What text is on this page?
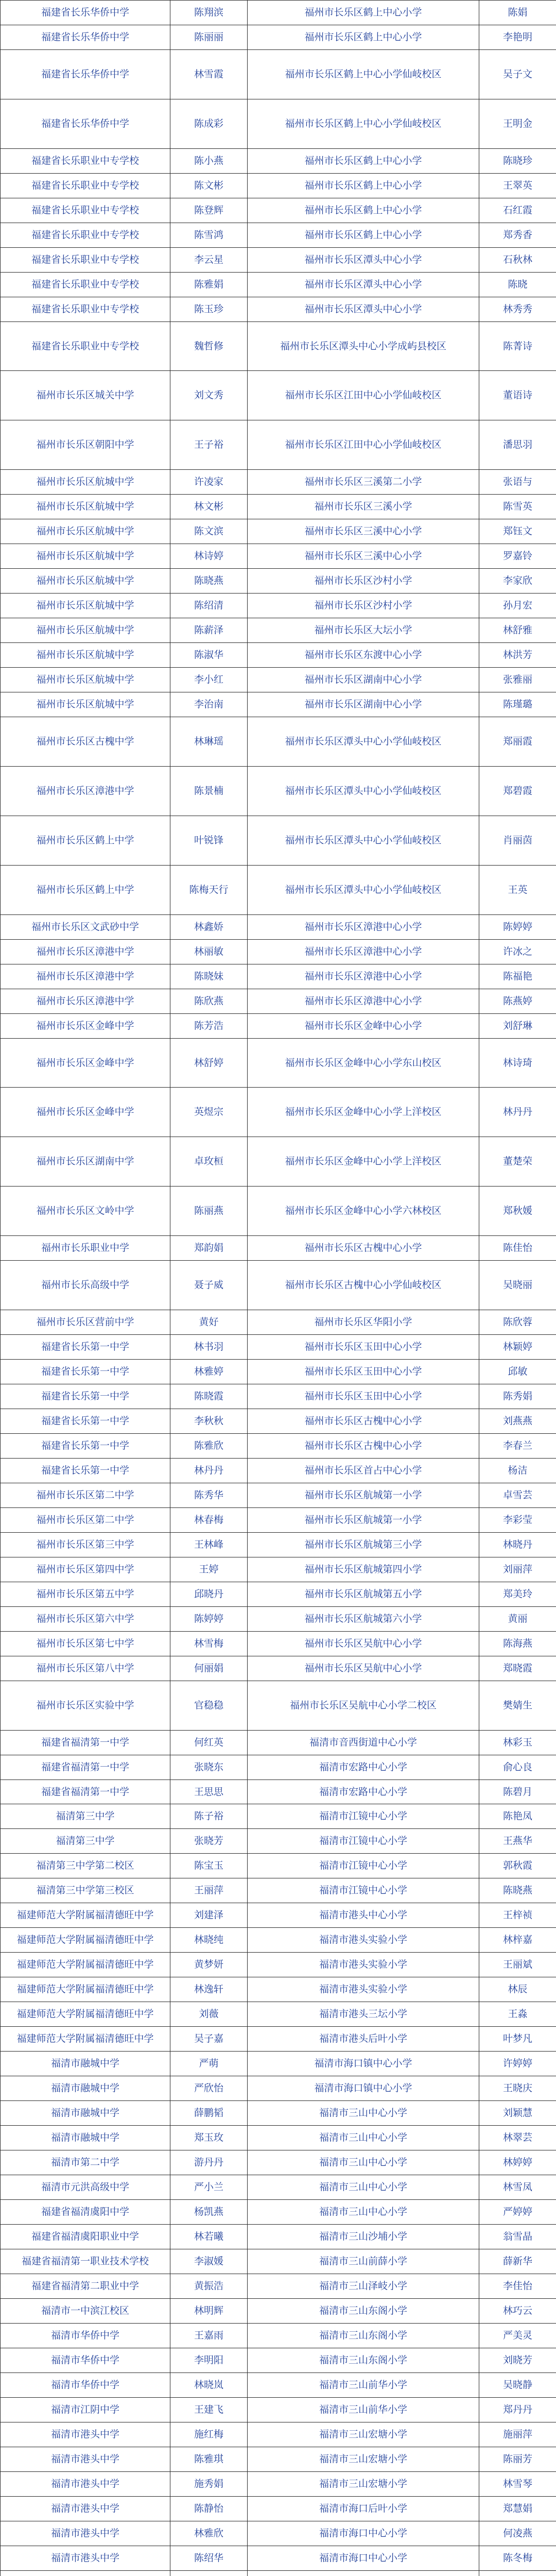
福建省长乐华侨中学	陈翔滨	福州市长乐区鹤上中心小学	陈娟
福建省长乐华侨中学	陈丽丽	福州市长乐区鹤上中心小学	李艳明
福建省长乐华侨中学	林雪霞	福州市长乐区鹤上中心小学仙岐校区	吴子文
福建省长乐华侨中学	陈成彩	福州市长乐区鹤上中心小学仙岐校区	王明金
福建省长乐职业中专学校	陈小燕	福州市长乐区鹤上中心小学	陈晓珍
福建省长乐职业中专学校	陈文彬	福州市长乐区鹤上中心小学	王翠英
福建省长乐职业中专学校	陈登辉	福州市长乐区鹤上中心小学	石红霞
福建省长乐职业中专学校	陈雪鸿	福州市长乐区鹤上中心小学	郑秀香
福建省长乐职业中专学校	李云星	福州市长乐区潭头中心小学	石秋林
福建省长乐职业中专学校	陈雅娟	福州市长乐区潭头中心小学	陈晓
福建省长乐职业中专学校	陈玉珍	福州市长乐区潭头中心小学	林秀秀
福建省长乐职业中专学校	魏哲修	福州市长乐区潭头中心小学成屿县校区	陈菁诗
福州市长乐区城关中学	刘文秀	福州市长乐区江田中心小学仙岐校区	董语诗
福州市长乐区朝阳中学	王子裕	福州市长乐区江田中心小学仙岐校区	潘思羽
福州市长乐区航城中学	许凌家	福州市长乐区三溪第二小学	张语与
福州市长乐区航城中学	林文彬	福州市长乐区三溪小学	陈雪英
福州市长乐区航城中学	陈文滨	福州市长乐区三溪中心小学	郑钰文
福州市长乐区航城中学	林诗婷	福州市长乐区三溪中心小学	罗嘉铃
福州市长乐区航城中学	陈晓燕	福州市长乐区沙村小学	李家欣
福州市长乐区航城中学	陈绍清	福州市长乐区沙村小学	孙月宏
福州市长乐区航城中学	陈薪泽	福州市长乐区大坛小学	林舒雅
福州市长乐区航城中学	陈淑华	福州市长乐区东渡中心小学	林洪芳
福州市长乐区航城中学	李小红	福州市长乐区湖南中心小学	张雅丽
福州市长乐区航城中学	李治南	福州市长乐区湖南中心小学	陈瑾璐
福州市长乐区古槐中学	林琳瑶	福州市长乐区潭头中心小学仙岐校区	郑丽霞
福州市长乐区漳港中学	陈景楠	福州市长乐区潭头中心小学仙岐校区	郑碧霞
福州市长乐区鹤上中学	叶锐锋	福州市长乐区潭头中心小学仙岐校区	肖丽茵
福州市长乐区鹤上中学	陈梅天行	福州市长乐区潭头中心小学仙岐校区	王英
福州市长乐区文武砂中学	林鑫娇	福州市长乐区漳港中心小学	陈婷婷
福州市长乐区漳港中学	林丽敏	福州市长乐区漳港中心小学	许冰之
福州市长乐区漳港中学	陈晓妹	福州市长乐区漳港中心小学	陈福艳
福州市长乐区漳港中学	陈欣燕	福州市长乐区漳港中心小学	陈燕婷
福州市长乐区金峰中学	陈芳浩	福州市长乐区金峰中心小学	刘舒琳
福州市长乐区金峰中学	林舒婷	福州市长乐区金峰中心小学东山校区	林诗琦
福州市长乐区金峰中学	英煜宗	福州市长乐区金峰中心小学上洋校区	林丹丹
福州市长乐区湖南中学	卓玫桓	福州市长乐区金峰中心小学上洋校区	董楚荣
福州市长乐区文岭中学	陈丽燕	福州市长乐区金峰中心小学六林校区	郑秋媛
福州市长乐职业中学	郑韵娟	福州市长乐区古槐中心小学	陈佳怡
福州市长乐高级中学	聂子威	福州市长乐区古槐中心小学仙岐校区	吴晓丽
福州市长乐区营前中学	黄好	福州市长乐区华阳小学	陈欣蓉
福建省长乐第一中学	林书羽	福州市长乐区玉田中心小学	林颖婷
福建省长乐第一中学	林雅婷	福州市长乐区玉田中心小学	邱敏
福建省长乐第一中学	陈晓霞	福州市长乐区玉田中心小学	陈秀娟
福建省长乐第一中学	李秋秋	福州市长乐区古槐中心小学	刘燕燕
福建省长乐第一中学	陈雅欣	福州市长乐区古槐中心小学	李春兰
福建省长乐第一中学	林丹丹	福州市长乐区首占中心小学	杨洁
福州市长乐区第二中学	陈秀华	福州市长乐区航城第一小学	卓雪芸
福州市长乐区第二中学	林春梅	福州市长乐区航城第一小学	李彩莹
福州市长乐区第三中学	王林峰	福州市长乐区航城第三小学	林晓丹
福州市长乐区第四中学	王婷	福州市长乐区航城第四小学	刘丽萍
福州市长乐区第五中学	邱晓丹	福州市长乐区航城第五小学	郑美玲
福州市长乐区第六中学	陈婷婷	福州市长乐区航城第六小学	黄丽
福州市长乐区第七中学	林雪梅	福州市长乐区吴航中心小学	陈海燕
福州市长乐区第八中学	何丽娟	福州市长乐区吴航中心小学	郑晓霞
福州市长乐区实验中学	官稳稳	福州市长乐区吴航中心小学二校区	樊婧生
福建省福清第一中学	何红英	福清市音西街道中心小学	林彩玉
福建省福清第一中学	张晓东	福清市宏路中心小学	俞心良
福建省福清第一中学	王思思	福清市宏路中心小学	陈碧月
福清第三中学	陈子裕	福清市江镜中心小学	陈艳凤
福清第三中学	张晓芳	福清市江镜中心小学	王燕华
福清第三中学第二校区	陈宝玉	福清市江镜中心小学	郭秋霞
福清第三中学第三校区	王丽萍	福清市江镜中心小学	陈晓燕
福建师范大学附属福清德旺中学	刘建泽	福清市港头中心小学	王梓祯
福建师范大学附属福清德旺中学	林晓纯	福清市港头实验小学	林梓嘉
福建师范大学附属福清德旺中学	黄梦妍	福清市港头实验小学	王丽斌
福建师范大学附属福清德旺中学	林逸轩	福清市港头实验小学	林辰
福建师范大学附属福清德旺中学	刘薇	福清市港头三坛小学	王淼
福建师范大学附属福清德旺中学	吴子嘉	福清市港头后叶小学	叶梦凡
福清市融城中学	严萌	福清市海口镇中心小学	许婷婷
福清市融城中学	严欣怡	福清市海口镇中心小学	王晓庆
福清市融城中学	薛鹏韬	福清市三山中心小学	刘颖慧
福清市融城中学	郑玉玫	福清市三山中心小学	林翠芸
福清市第二中学	游丹丹	福清市三山中心小学	林婷婷
福清市元洪高级中学	严小兰	福清市三山中心小学	林雪凤
福建省福清虞阳中学	杨凯燕	福清市三山中心小学	严婷婷
福建省福清虞阳职业中学	林若曦	福清市三山沙埔小学	翁雪晶
福建省福清第一职业技术学校	李淑媛	福清市三山前薛小学	薛新华
福建省福清第二职业中学	黄振浩	福清市三山泽岐小学	李佳怡
福清市一中滨江校区	林明辉	福清市三山东阁小学	林巧云
福清市华侨中学	王嘉雨	福清市三山东阁小学	严美灵
福清市华侨中学	李明阳	福清市三山东阁小学	刘晓芳
福清市华侨中学	林晓岚	福清市三山前华小学	吴晓静
福清市江阴中学	王建飞	福清市三山前华小学	郑丹丹
福清市港头中学	施红梅	福清市三山宏塘小学	施丽萍
福清市港头中学	陈雅琪	福清市三山宏塘小学	陈丽芳
福清市港头中学	施秀娟	福清市三山宏塘小学	林雪琴
福清市港头中学	陈静怡	福清市海口后叶小学	郑慧娟
福清市港头中学	林雅欣	福清市海口中心小学	何凌燕
福清市港头中学	陈绍华	福清市海口中心小学	陈冬梅
